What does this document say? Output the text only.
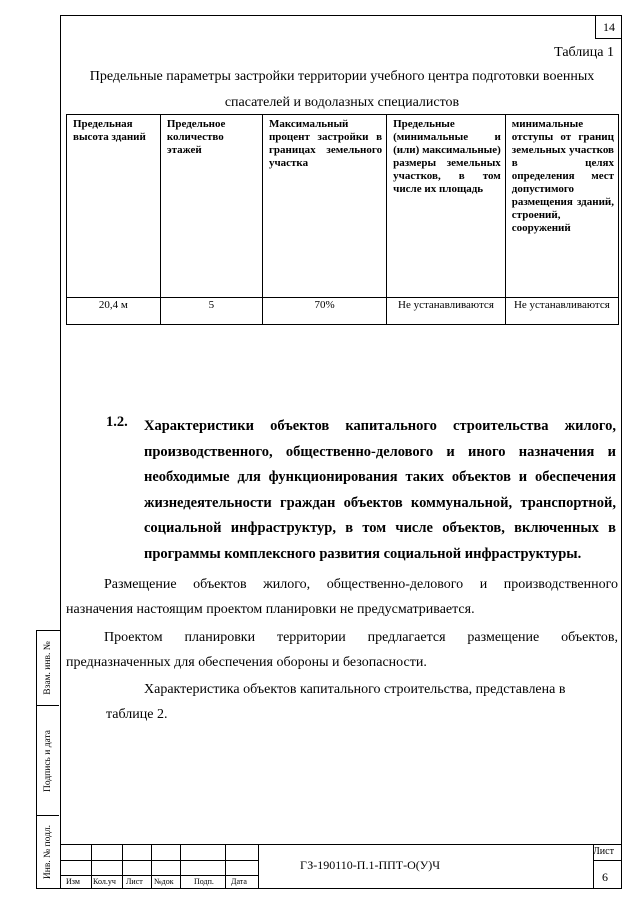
14
Таблица 1
Предельные параметры застройки территории учебного центра подготовки военных спасателей и водолазных специалистов
Предельная высота зданий	Предельное количество этажей	Максимальный процент застройки в границах земельного участка	Предельные (минимальные и (или) максимальные) размеры земельных участков, в том числе их площадь	минимальные отступы от границ земельных участков в целях определения мест допустимого размещения зданий, строений, сооружений
20,4 м	5	70%	Не устанавливаются	Не устанавливаются
1.2. Характеристики объектов капитального строительства жилого, производственного, общественно-делового и иного назначения и необходимые для функционирования таких объектов и обеспечения жизнедеятельности граждан объектов коммунальной, транспортной, социальной инфраструктур, в том числе объектов, включенных в программы комплексного развития социальной инфраструктуры.
Размещение объектов жилого, общественно-делового и производственного назначения настоящим проектом планировки не предусматривается.
Проектом планировки территории предлагается размещение объектов, предназначенных для обеспечения обороны и безопасности.
Характеристика объектов капитального строительства, представлена в таблице 2.
Взам. инв. №
Подпись и дата
Инв. № подл.
Изм Кол.уч Лист №док	Подп. Дата
ГЗ-190110-П.1-ППТ-О(У)Ч
Лист
6
